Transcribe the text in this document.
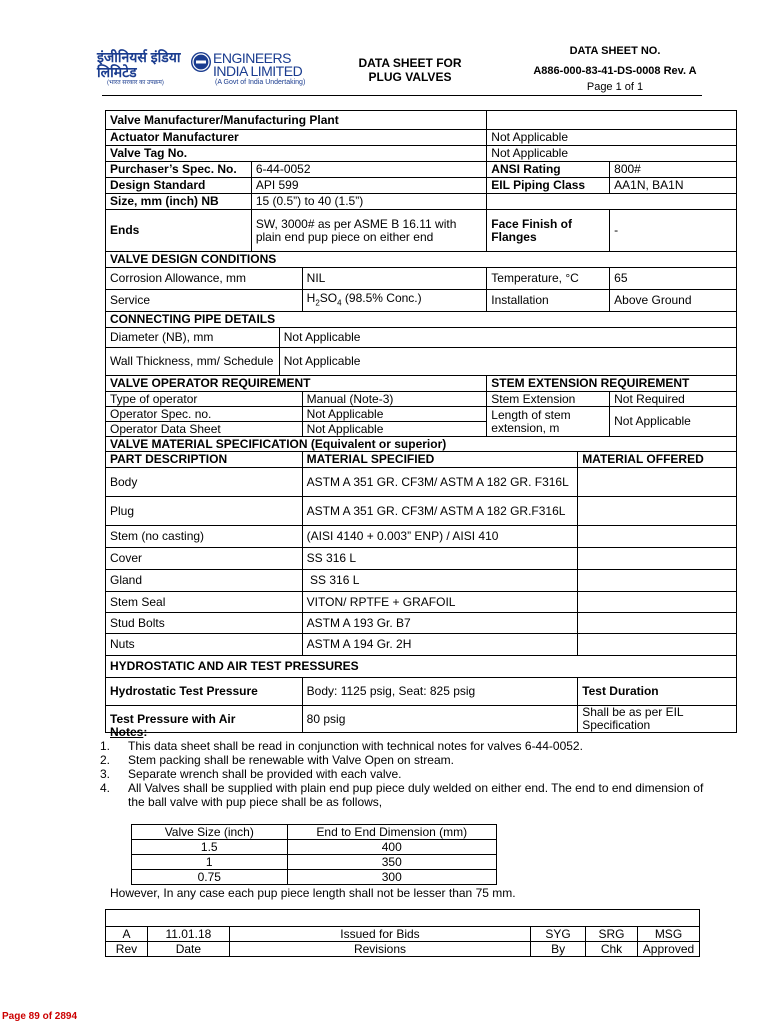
इंजीनियर्स इंडिया लिमिटेड
ENGINEERS
INDIA LIMITED
(भारत सरकार का उपक्रम)	(A Govt of India Undertaking)
DATA SHEET FOR
PLUG VALVES
DATA SHEET NO.
A886-000-83-41-DS-0008 Rev. A
Page 1 of 1
Valve Manufacturer/Manufacturing Plant						
Actuator Manufacturer				Not Applicable		
Valve Tag No.				Not Applicable		
Purchaser’s Spec. No.	6-44-0052			ANSI Rating		800#
Design Standard	API 599			EIL Piping Class		AA1N, BA1N
Size, mm (inch) NB	15 (0.5”) to 40 (1.5”)					
Ends	SW, 3000# as per ASME B 16.11 with plain end pup piece on either end			Face Finish of Flanges		-
VALVE DESIGN CONDITIONS						
Corrosion Allowance, mm			NIL	Temperature, °C		65
Service			$H_2SO_4$ (98.5% Conc.)	Installation		Above Ground
CONNECTING PIPE DETAILS						
Diameter (NB), mm		Not Applicable				
Wall Thickness, mm/ Schedule		Not Applicable				
VALVE OPERATOR REQUIREMENT				STEM EXTENSION REQUIREMENT		
Type of operator			Manual (Note-3)	Stem Extension		Not Required
Operator Spec. no.			Not Applicable	Length of stem extension, m		Not Applicable
Operator Data Sheet			Not Applicable			
VALVE MATERIAL SPECIFICATION (Equivalent or superior)						
PART DESCRIPTION			MATERIAL SPECIFIED		MATERIAL OFFERED	
Body			ASTM A 351 GR. CF3M/ ASTM A 182 GR. F316L			
Plug			ASTM A 351 GR. CF3M/ ASTM A 182 GR.F316L			
Stem (no casting)			(AISI 4140 + 0.003” ENP) / AISI 410			
Cover			SS 316 L			
Gland			SS 316 L			
Stem Seal			VITON/ RPTFE + GRAFOIL			
Stud Bolts			ASTM A 193 Gr. B7			
Nuts			ASTM A 194 Gr. 2H			
HYDROSTATIC AND AIR TEST PRESSURES						
Hydrostatic Test Pressure			Body: 1125 psig, Seat: 825 psig		Test Duration	
Test Pressure with Air			80 psig		Shall be as per EIL Specification	
Notes:
1.	This data sheet shall be read in conjunction with technical notes for valves 6-44-0052.
2.	Stem packing shall be renewable with Valve Open on stream.
3.	Separate wrench shall be provided with each valve.
4.	All Valves shall be supplied with plain end pup piece duly welded on either end. The end to end dimension of the ball valve with pup piece shall be as follows,
Valve Size (inch)	End to End Dimension (mm)
1.5	400
1	350
0.75	300
However, In any case each pup piece length shall not be lesser than 75 mm.

A	11.01.18	Issued for Bids	SYG	SRG	MSG
Rev	Date	Revisions	By	Chk	Approved
Page 89 of 2894
